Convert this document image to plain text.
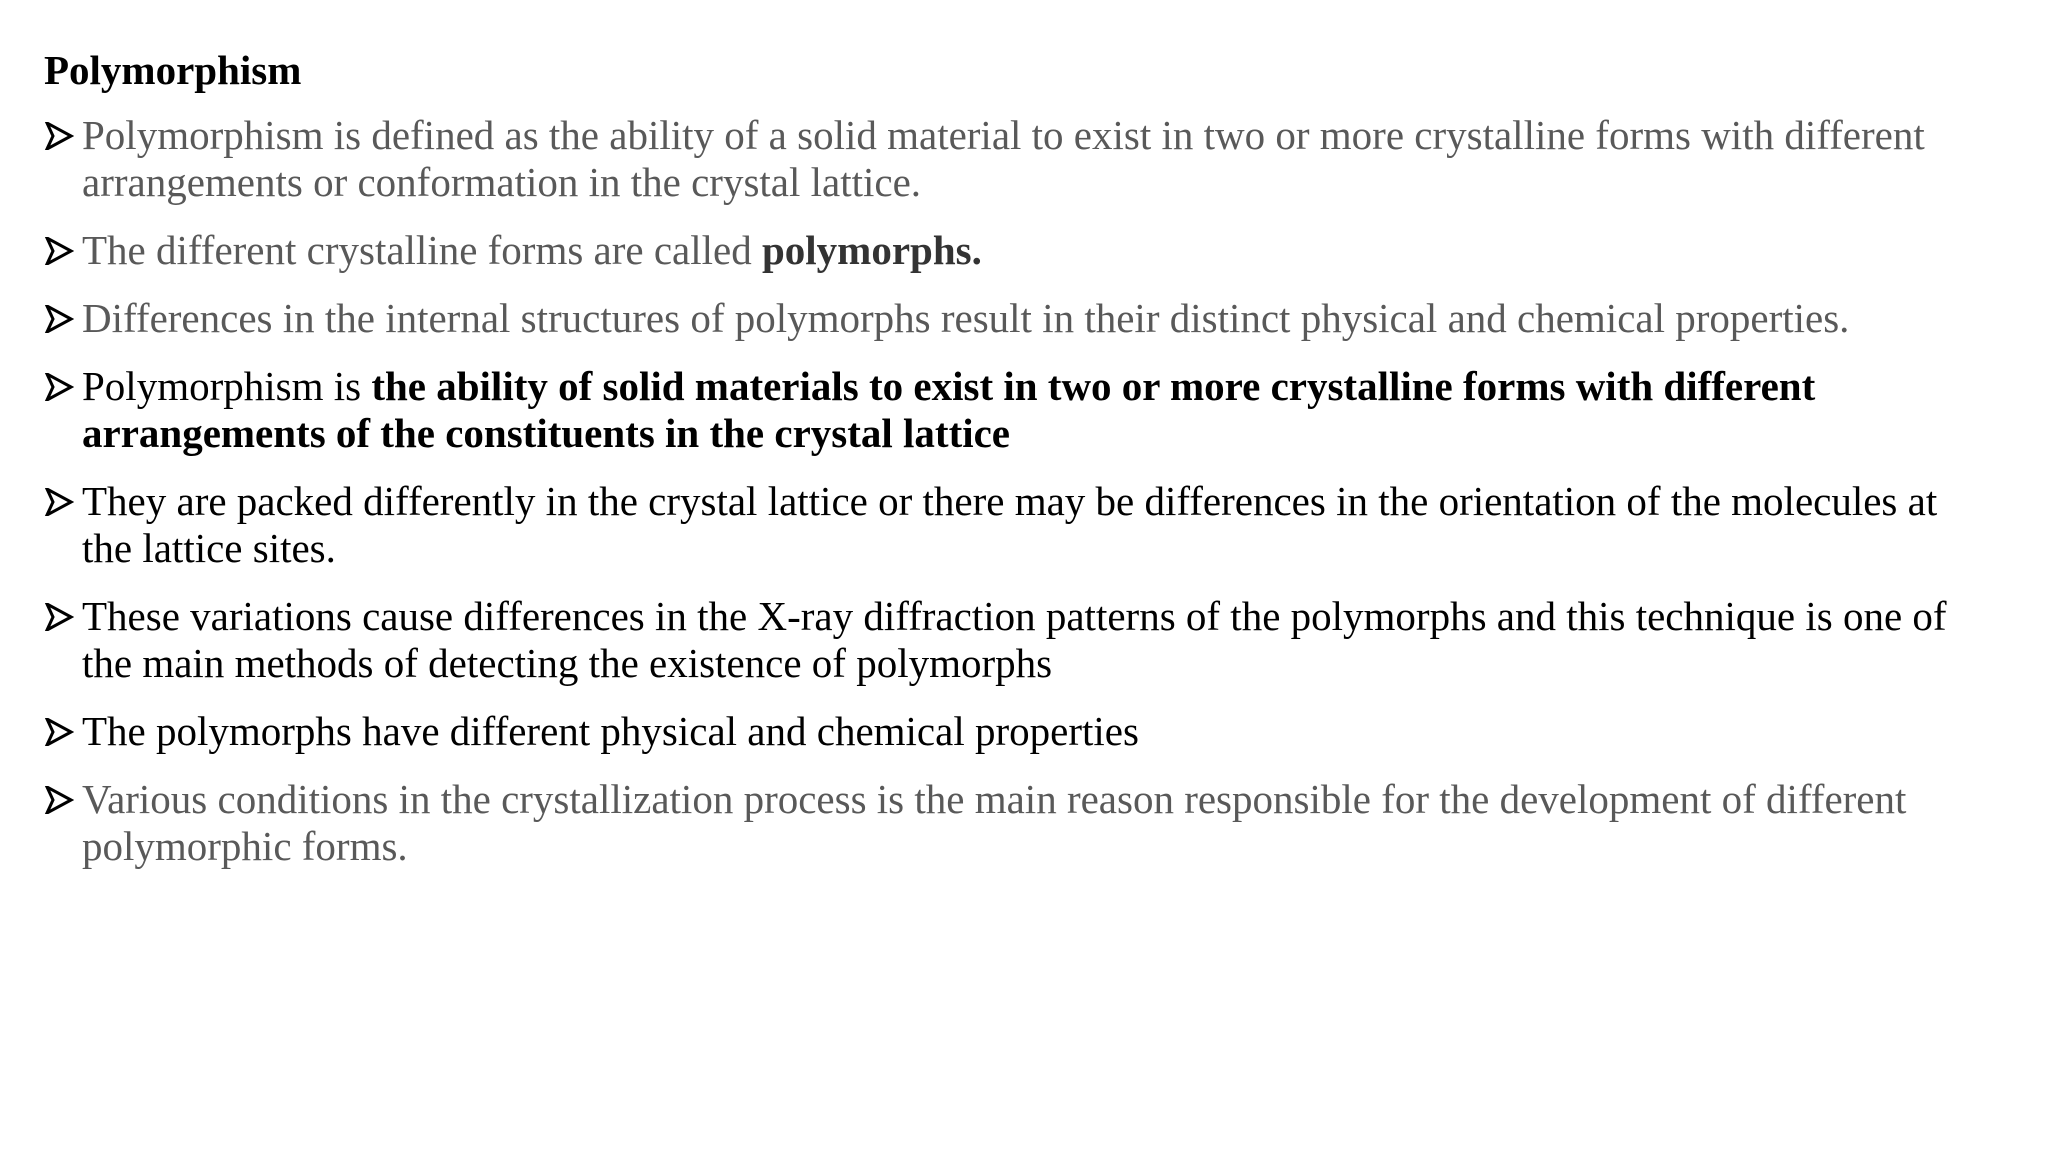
Polymorphism
Polymorphism is defined as the ability of a solid material to exist in two or more crystalline forms with different arrangements or conformation in the crystal lattice.
The different crystalline forms are called polymorphs.
Differences in the internal structures of polymorphs result in their distinct physical and chemical properties.
Polymorphism is the ability of solid materials to exist in two or more crystalline forms with different arrangements of the constituents in the crystal lattice
They are packed differently in the crystal lattice or there may be differences in the orientation of the molecules at the lattice sites.
These variations cause differences in the X-ray diffraction patterns of the polymorphs and this technique is one of the main methods of detecting the existence of polymorphs
The polymorphs have different physical and chemical properties
Various conditions in the crystallization process is the main reason responsible for the development of different polymorphic forms.
